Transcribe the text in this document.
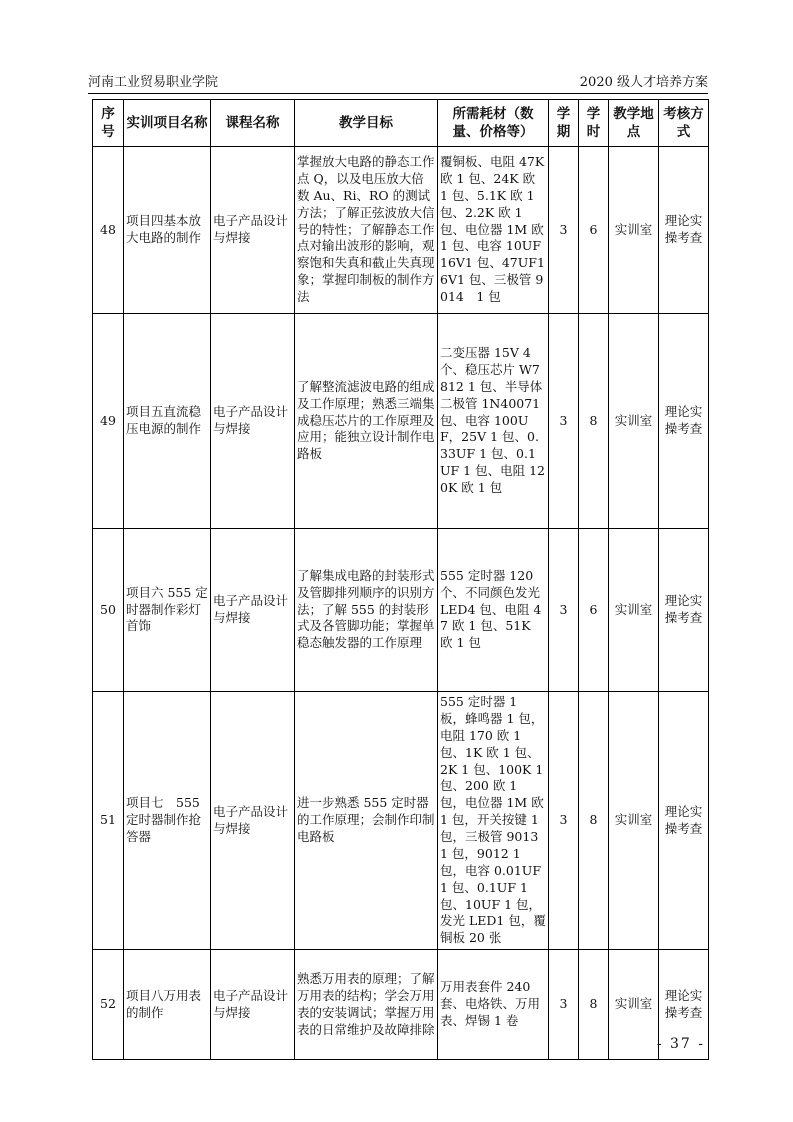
河南工业贸易职业学院	2020 级人才培养方案
序号	实训项目名称	课程名称	教学目标	所需耗材（数量、价格等）	学期	学时	教学地点	考核方式
48	项目四基本放大电路的制作	电子产品设计与焊接	掌握放大电路的静态工作点 Q，以及电压放大倍数 Au、Ri、RO 的测试方法；了解正弦波放大信号的特性；了解静态工作点对输出波形的影响，观察饱和失真和截止失真现象；掌握印制板的制作方法	覆铜板、电阻 47K 欧 1 包、24K 欧 1 包、5.1K 欧 1 包、2.2K 欧 1 包、电位器 1M 欧 1 包、电容 10UF 16V1 包、47UF16V1 包、三极管 9014　1 包	3	6	实训室	理论实操考查
49	项目五直流稳压电源的制作	电子产品设计与焊接	了解整流滤波电路的组成及工作原理；熟悉三端集成稳压芯片的工作原理及应用；能独立设计制作电路板	二变压器 15V 4 个、稳压芯片 W7812 1 包、半导体二极管 1N40071 包、电容 100UF，25V 1 包、0.33UF 1 包、0.1UF 1 包、电阻 120K 欧 1 包	3	8	实训室	理论实操考查
50	项目六 555 定时器制作彩灯首饰	电子产品设计与焊接	了解集成电路的封装形式及管脚排列顺序的识别方法；了解 555 的封装形式及各管脚功能；掌握单稳态触发器的工作原理	555 定时器 120 个、不同颜色发光 LED4 包、电阻 47 欧 1 包、51K 欧 1 包	3	6	实训室	理论实操考查
51	项目七　555 定时器制作抢答器	电子产品设计与焊接	进一步熟悉 555 定时器的工作原理；会制作印制电路板	555 定时器 1 板，蜂鸣器 1 包，电阻 170 欧 1 包、1K 欧 1 包、2K 1 包、100K 1 包、200 欧 1 包，电位器 1M 欧 1 包，开关按键 1 包，三极管 9013 1 包，9012 1 包，电容 0.01UF 1 包、0.1UF 1 包、10UF 1 包，发光 LED1 包，覆铜板 20 张	3	8	实训室	理论实操考查
52	项目八万用表的制作	电子产品设计与焊接	熟悉万用表的原理；了解万用表的结构；学会万用表的安装调试；掌握万用表的日常维护及故障排除	万用表套件 240 套、电烙铁、万用表、焊锡 1 卷	3	8	实训室	理论实操考查
- 37 -
